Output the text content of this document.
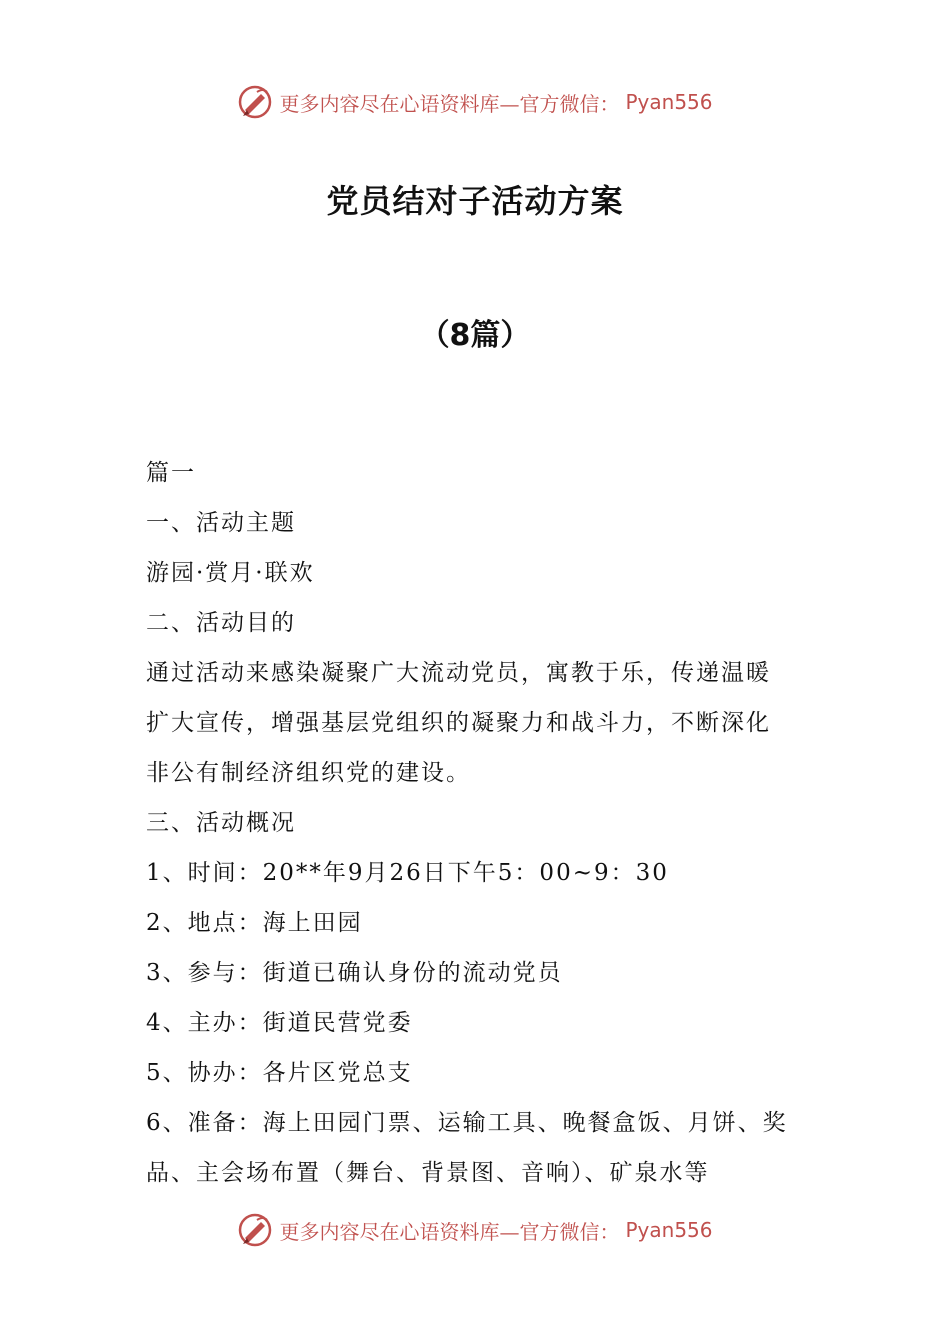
更多内容尽在心语资料库—官方微信： Pyan556
党员结对子活动方案
（8篇）

篇一

一、活动主题

游园·赏月·联欢

二、活动目的

通过活动来感染凝聚广大流动党员，寓教于乐，传递温暖

扩大宣传，增强基层党组织的凝聚力和战斗力，不断深化

非公有制经济组织党的建设。

三、活动概况

1、时间：20**年9月26日下午5：00~9：30

2、地点：海上田园

3、参与：街道已确认身份的流动党员

4、主办：街道民营党委

5、协办：各片区党总支

6、准备：海上田园门票、运输工具、晚餐盒饭、月饼、奖

品、主会场布置（舞台、背景图、音响）、矿泉水等

更多内容尽在心语资料库—官方微信： Pyan556
